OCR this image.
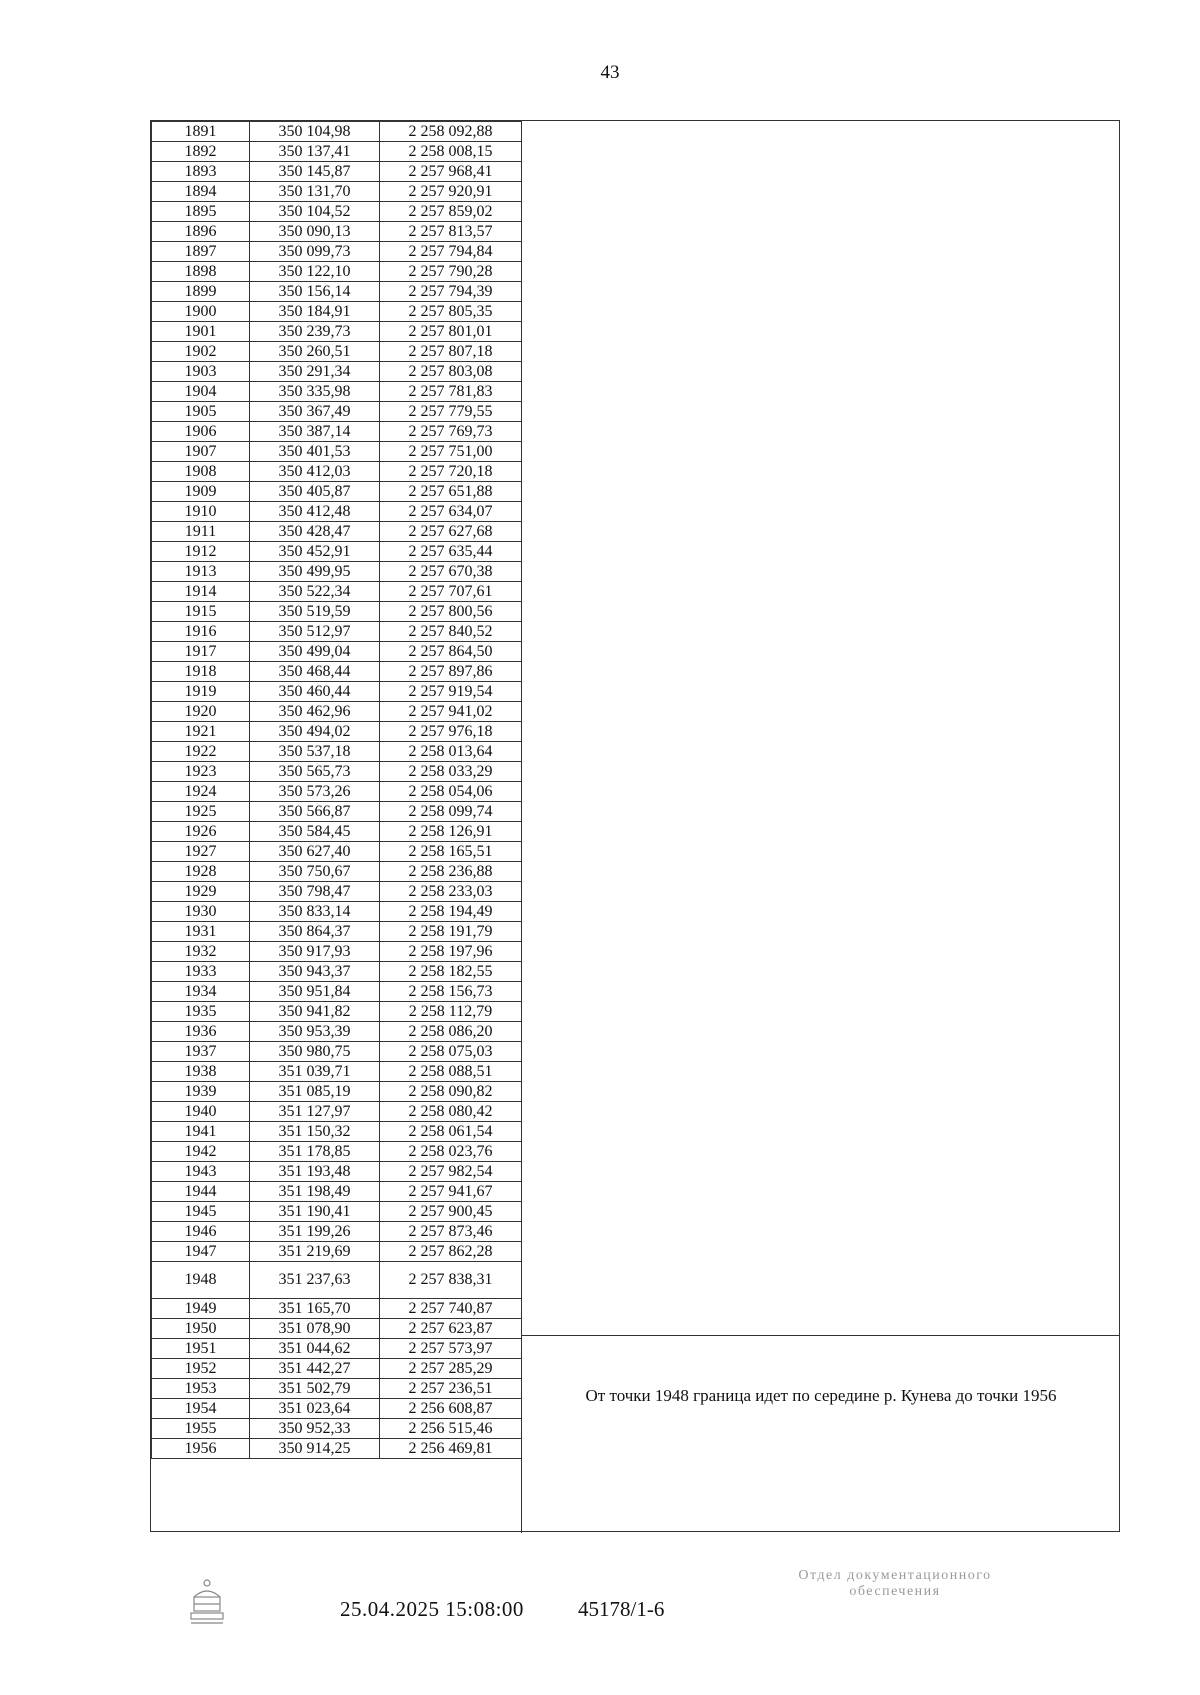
43
1891	350 104,98	2 258 092,88
1892	350 137,41	2 258 008,15
1893	350 145,87	2 257 968,41
1894	350 131,70	2 257 920,91
1895	350 104,52	2 257 859,02
1896	350 090,13	2 257 813,57
1897	350 099,73	2 257 794,84
1898	350 122,10	2 257 790,28
1899	350 156,14	2 257 794,39
1900	350 184,91	2 257 805,35
1901	350 239,73	2 257 801,01
1902	350 260,51	2 257 807,18
1903	350 291,34	2 257 803,08
1904	350 335,98	2 257 781,83
1905	350 367,49	2 257 779,55
1906	350 387,14	2 257 769,73
1907	350 401,53	2 257 751,00
1908	350 412,03	2 257 720,18
1909	350 405,87	2 257 651,88
1910	350 412,48	2 257 634,07
1911	350 428,47	2 257 627,68
1912	350 452,91	2 257 635,44
1913	350 499,95	2 257 670,38
1914	350 522,34	2 257 707,61
1915	350 519,59	2 257 800,56
1916	350 512,97	2 257 840,52
1917	350 499,04	2 257 864,50
1918	350 468,44	2 257 897,86
1919	350 460,44	2 257 919,54
1920	350 462,96	2 257 941,02
1921	350 494,02	2 257 976,18
1922	350 537,18	2 258 013,64
1923	350 565,73	2 258 033,29
1924	350 573,26	2 258 054,06
1925	350 566,87	2 258 099,74
1926	350 584,45	2 258 126,91
1927	350 627,40	2 258 165,51
1928	350 750,67	2 258 236,88
1929	350 798,47	2 258 233,03
1930	350 833,14	2 258 194,49
1931	350 864,37	2 258 191,79
1932	350 917,93	2 258 197,96
1933	350 943,37	2 258 182,55
1934	350 951,84	2 258 156,73
1935	350 941,82	2 258 112,79
1936	350 953,39	2 258 086,20
1937	350 980,75	2 258 075,03
1938	351 039,71	2 258 088,51
1939	351 085,19	2 258 090,82
1940	351 127,97	2 258 080,42
1941	351 150,32	2 258 061,54
1942	351 178,85	2 258 023,76
1943	351 193,48	2 257 982,54
1944	351 198,49	2 257 941,67
1945	351 190,41	2 257 900,45
1946	351 199,26	2 257 873,46
1947	351 219,69	2 257 862,28
1948	351 237,63	2 257 838,31
1949	351 165,70	2 257 740,87
1950	351 078,90	2 257 623,87
1951	351 044,62	2 257 573,97
1952	351 442,27	2 257 285,29
1953	351 502,79	2 257 236,51
1954	351 023,64	2 256 608,87
1955	350 952,33	2 256 515,46
1956	350 914,25	2 256 469,81
От точки 1948 граница идет по середине р. Кунева до точки 1956
25.04.2025 15:08:00	45178/1-6
Отдел документационного
обеспечения
